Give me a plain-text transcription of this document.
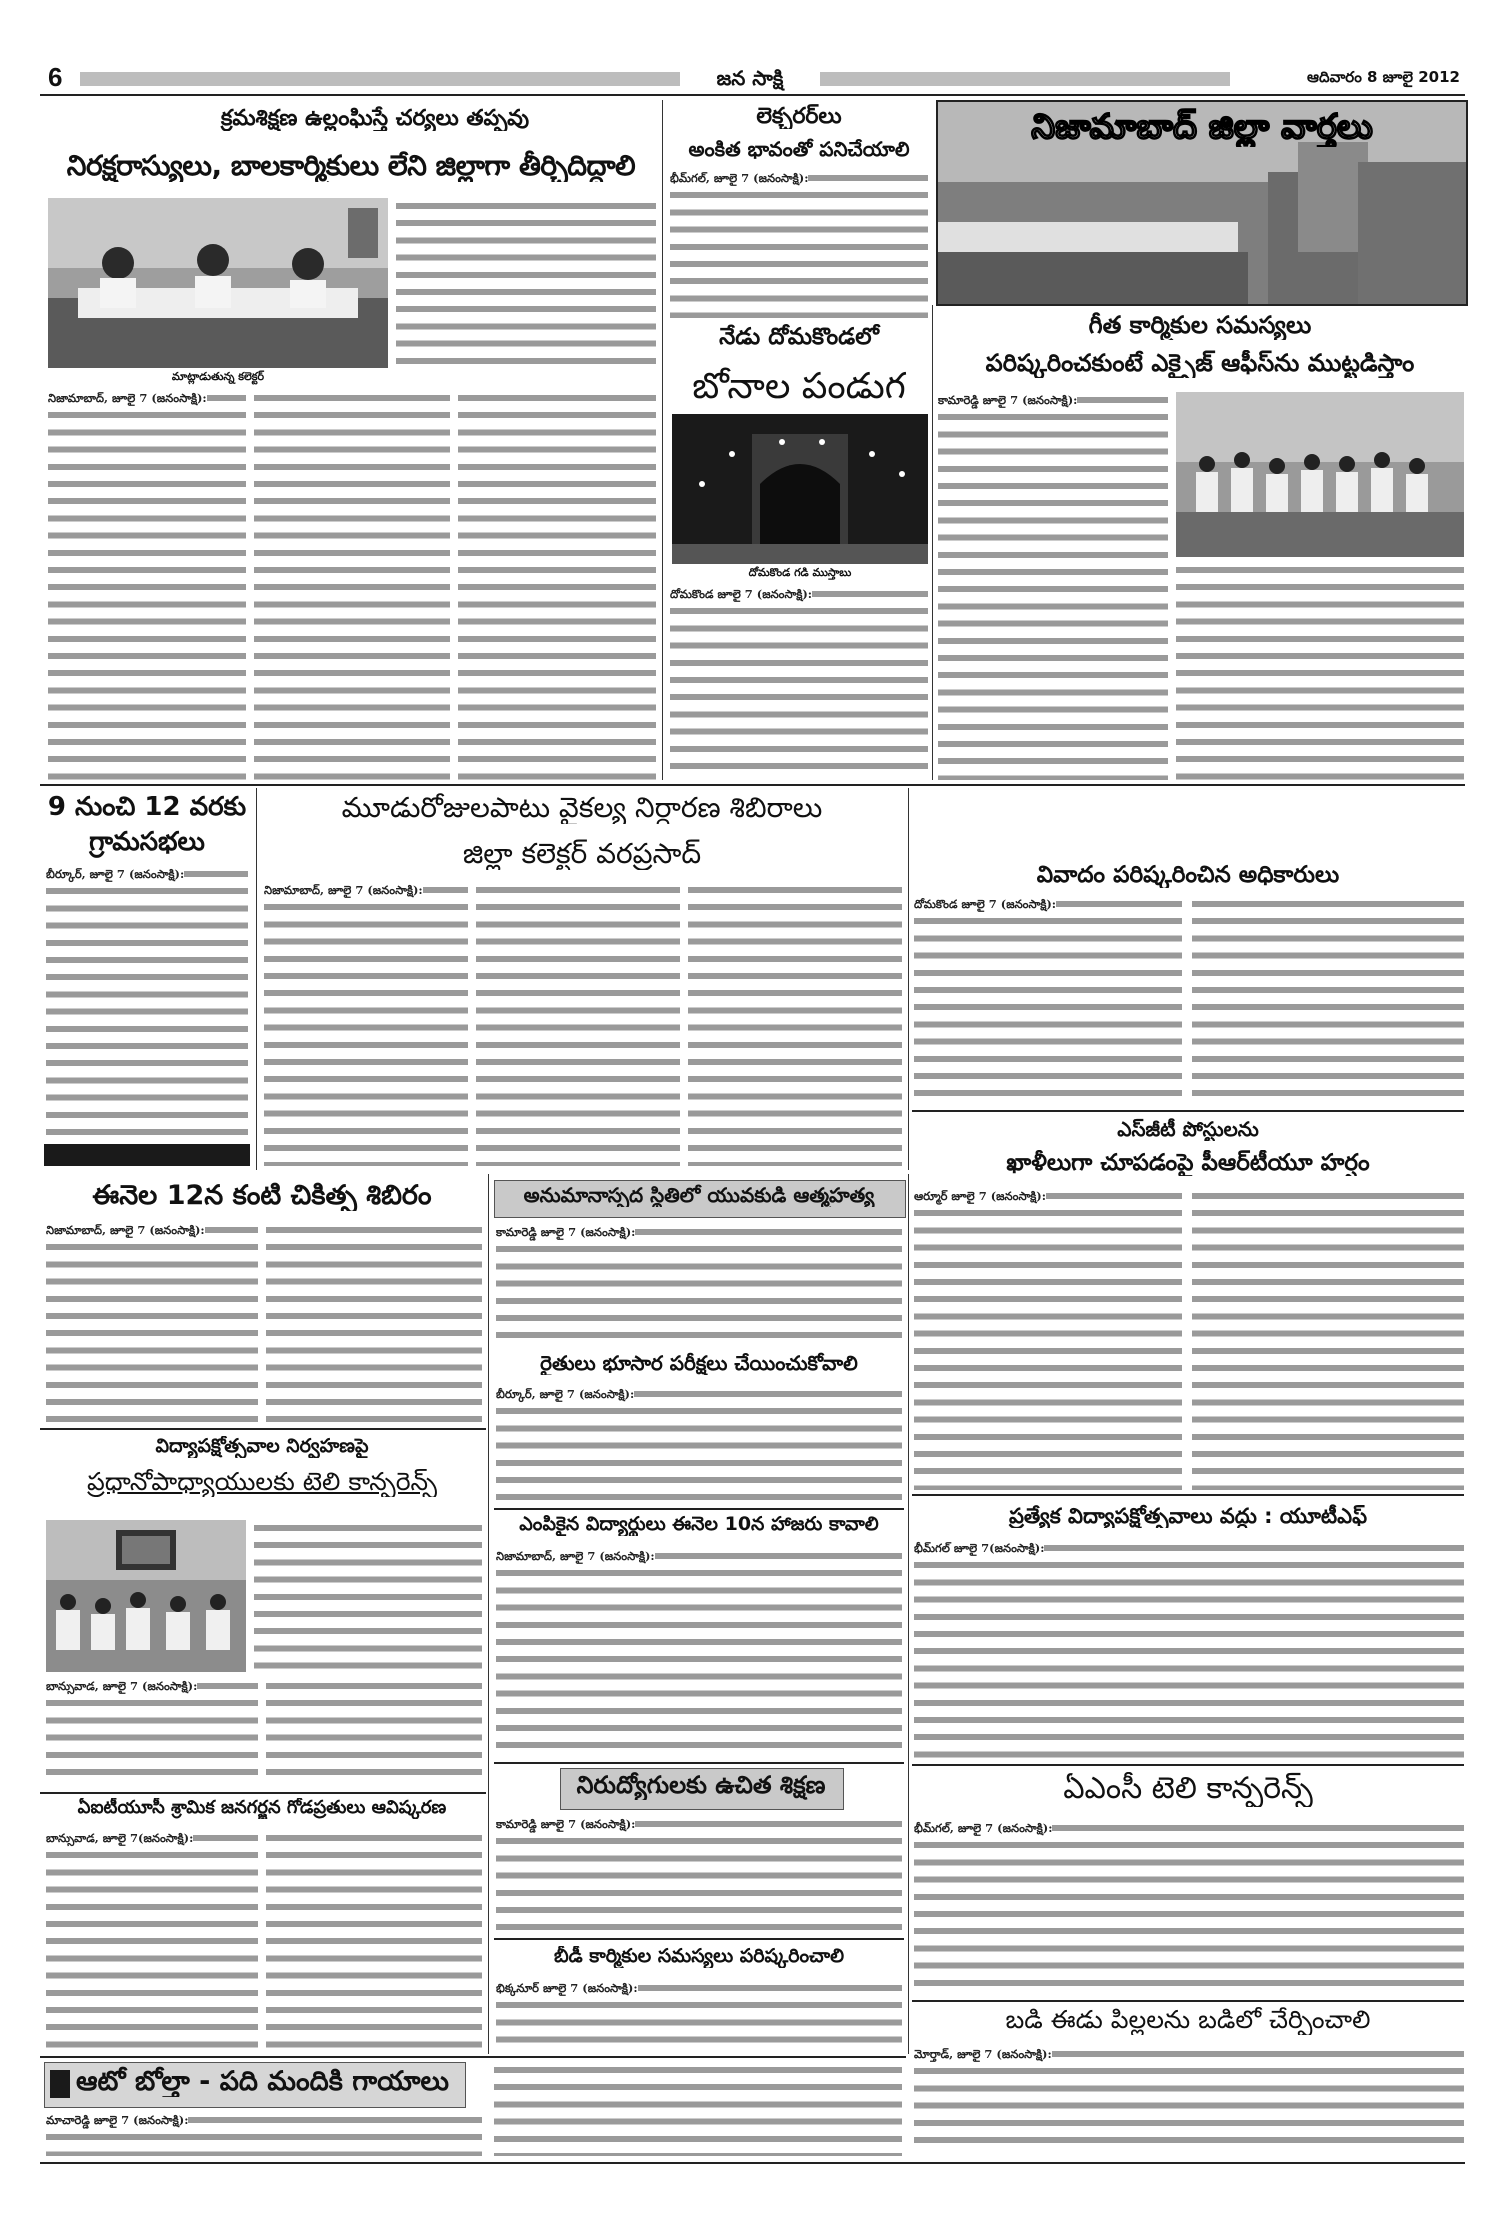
6	జన సాక్షి	ఆదివారం 8 జూలై 2012
క్రమశిక్షణ ఉల్లంఘిస్తే చర్యలు తప్పవు
నిరక్షరాస్యులు, బాలకార్మికులు లేని జిల్లాగా తీర్చిదిద్దాలి
మాట్లాడుతున్న కలెక్టర్
నిజామాబాద్, జూలై 7 (జనంసాక్షి):
లెక్చరర్‌లు
అంకిత భావంతో పనిచేయాలి
భీమ్‌గల్‌, జూలై 7 (జనంసాక్షి):
నిజామాబాద్ జిల్లా వార్తలు
నేడు దోమకొండలో
బోనాల పండుగ
దోమకొండ గడి ముస్తాబు
దోమకొండ జూలై 7 (జనంసాక్షి):
గీత కార్మికుల సమస్యలు
పరిష్కరించకుంటే ఎక్సైజ్ ఆఫీస్‌ను ముట్టడిస్తాం
కామారెడ్డి జూలై 7 (జనంసాక్షి):
9 నుంచి 12 వరకు గ్రామసభలు
బీర్కూర్, జూలై 7 (జనంసాక్షి):
మూడురోజులపాటు వైకల్య నిర్ధారణ శిబిరాలు
జిల్లా కలెక్టర్ వరప్రసాద్
నిజామాబాద్, జూలై 7 (జనంసాక్షి):
వివాదం పరిష్కరించిన అధికారులు
దోమకొండ జూలై 7 (జనంసాక్షి):
ఈనెల 12న కంటి చికిత్స శిబిరం
నిజామాబాద్, జూలై 7 (జనంసాక్షి):
అనుమానాస్పద స్థితిలో యువకుడి ఆత్మహత్య
కామారెడ్డి జూలై 7 (జనంసాక్షి):
ఎస్‌జీటీ పోస్టులను
ఖాళీలుగా చూపడంపై పీఆర్‌టీయూ హర్షం
ఆర్మూర్ జూలై 7 (జనంసాక్షి):
రైతులు భూసార పరీక్షలు చేయించుకోవాలి
బీర్కూర్, జూలై 7 (జనంసాక్షి):
విద్యాపక్షోత్సవాల నిర్వహణపై
ప్రధానోపాధ్యాయులకు టెలి కాన్ఫరెన్స్
బాన్సువాడ, జూలై 7 (జనంసాక్షి):
ప్రత్యేక విద్యాపక్షోత్సవాలు వద్దు : యూటీఎఫ్
భీమ్‌గల్ జూలై 7(జనంసాక్షి):
ఎంపికైన విద్యార్థులు ఈనెల 10న హాజరు కావాలి
నిజామాబాద్, జూలై 7 (జనంసాక్షి):
నిరుద్యోగులకు ఉచిత శిక్షణ
కామారెడ్డి జూలై 7 (జనంసాక్షి):
ఏఎంసీ టెలి కాన్ఫరెన్స్
భీమ్‌గల్, జూలై 7 (జనంసాక్షి):
ఏఐటీయూసీ శ్రామిక జనగర్జన గోడప్రతులు ఆవిష్కరణ
బాన్సువాడ, జూలై 7(జనంసాక్షి):
బీడీ కార్మికుల సమస్యలు పరిష్కరించాలి
భిక్కనూర్ జూలై 7 (జనంసాక్షి):
బడి ఈడు పిల్లలను బడిలో చేర్పించాలి
మోర్తాడ్, జూలై 7 (జనంసాక్షి):
ఆటో బోల్తా - పది మందికి గాయాలు
మాచారెడ్డి జూలై 7 (జనంసాక్షి):
